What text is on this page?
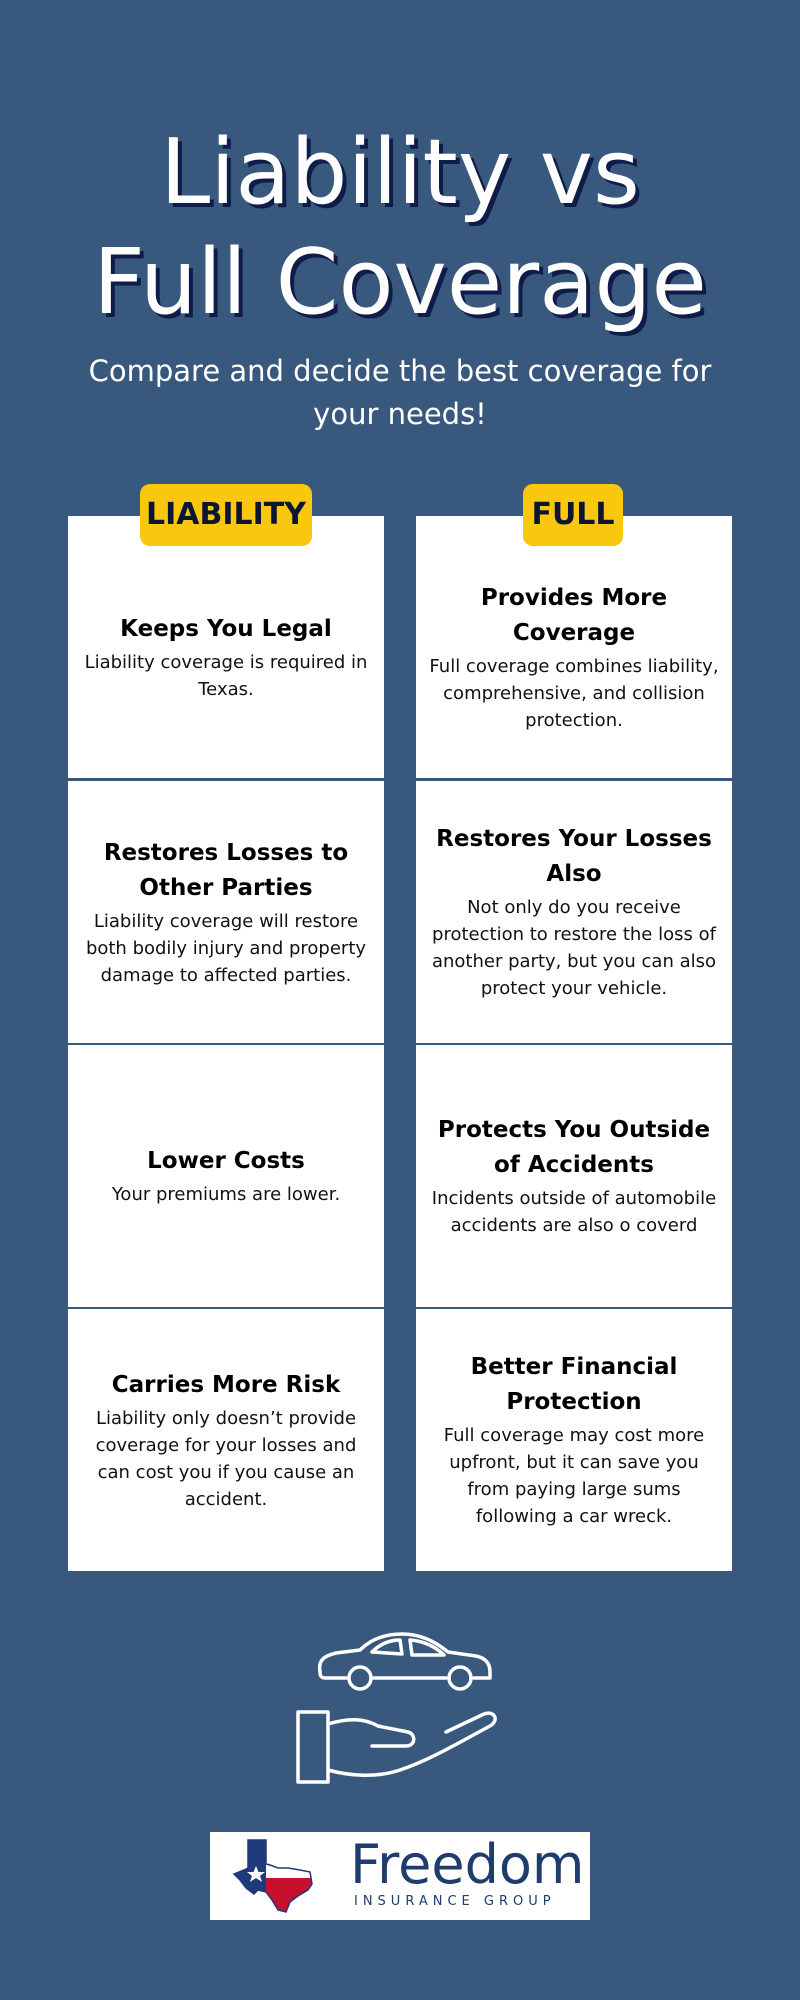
Liability vs
Full Coverage

Compare and decide the best coverage for your needs!

LIABILITY	FULL
Keeps You Legal

Liability coverage is required in Texas.

Restores Losses to Other Parties

Liability coverage will restore both bodily injury and property damage to affected parties.

Lower Costs

Your premiums are lower.

Carries More Risk

Liability only doesn’t provide coverage for your losses and can cost you if you cause an accident.

Provides More Coverage

Full coverage combines liability, comprehensive, and collision protection.

Restores Your Losses Also

Not only do you receive protection to restore the loss of another party, but you can also protect your vehicle.

Protects You Outside of Accidents

Incidents outside of automobile accidents are also o coverd

Better Financial Protection

Full coverage may cost more upfront, but it can save you from paying large sums following a car wreck.

Freedom
INSURANCE GROUP
